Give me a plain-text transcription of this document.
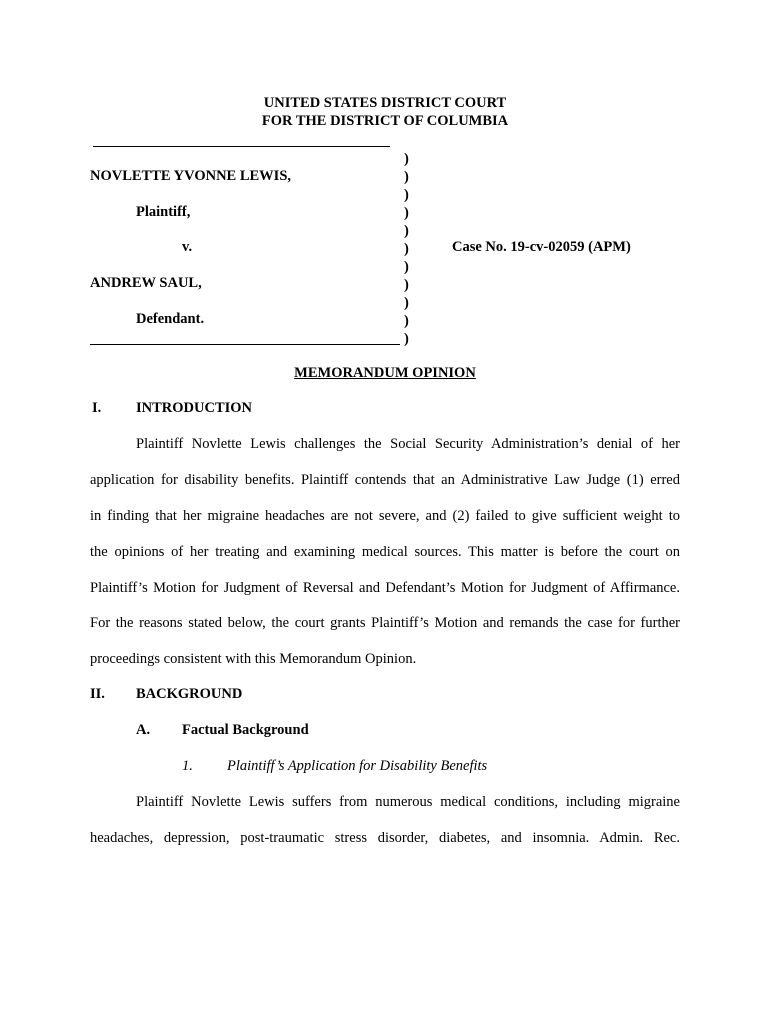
UNITED STATES DISTRICT COURT
FOR THE DISTRICT OF COLUMBIA
NOVLETTE YVONNE LEWIS,
Plaintiff,
v.
ANDREW SAUL,
Defendant.
Case No. 19-cv-02059 (APM)
)
)
)
)
)
)
)
)
)
)
)
MEMORANDUM OPINION
I. INTRODUCTION
Plaintiff Novlette Lewis challenges the Social Security Administration’s denial of her
application for disability benefits. Plaintiff contends that an Administrative Law Judge (1) erred
in finding that her migraine headaches are not severe, and (2) failed to give sufficient weight to
the opinions of her treating and examining medical sources. This matter is before the court on
Plaintiff’s Motion for Judgment of Reversal and Defendant’s Motion for Judgment of Affirmance.
For the reasons stated below, the court grants Plaintiff’s Motion and remands the case for further
proceedings consistent with this Memorandum Opinion.
II. BACKGROUND
A. Factual Background
1. Plaintiff’s Application for Disability Benefits
Plaintiff Novlette Lewis suffers from numerous medical conditions, including migraine
headaches, depression, post-traumatic stress disorder, diabetes, and insomnia. Admin. Rec.
